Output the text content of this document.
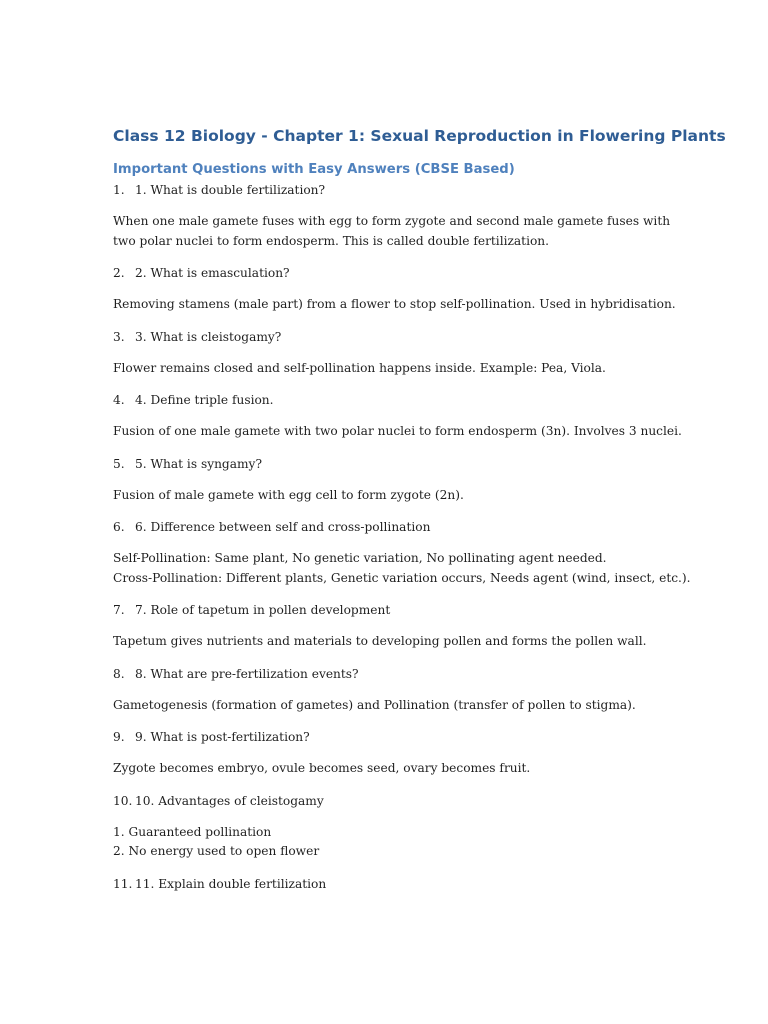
Class 12 Biology - Chapter 1: Sexual Reproduction in Flowering Plants
Important Questions with Easy Answers (CBSE Based)

1. 1. What is double fertilization?

When one male gamete fuses with egg to form zygote and second male gamete fuses with
two polar nuclei to form endosperm. This is called double fertilization.

2. 2. What is emasculation?

Removing stamens (male part) from a flower to stop self-pollination. Used in hybridisation.

3. 3. What is cleistogamy?

Flower remains closed and self-pollination happens inside. Example: Pea, Viola.

4. 4. Define triple fusion.

Fusion of one male gamete with two polar nuclei to form endosperm (3n). Involves 3 nuclei.

5. 5. What is syngamy?

Fusion of male gamete with egg cell to form zygote (2n).

6. 6. Difference between self and cross-pollination

Self-Pollination: Same plant, No genetic variation, No pollinating agent needed.
Cross-Pollination: Different plants, Genetic variation occurs, Needs agent (wind, insect, etc.).

7. 7. Role of tapetum in pollen development

Tapetum gives nutrients and materials to developing pollen and forms the pollen wall.

8. 8. What are pre-fertilization events?

Gametogenesis (formation of gametes) and Pollination (transfer of pollen to stigma).

9. 9. What is post-fertilization?

Zygote becomes embryo, ovule becomes seed, ovary becomes fruit.

10. 10. Advantages of cleistogamy

1. Guaranteed pollination
2. No energy used to open flower

11. 11. Explain double fertilization
